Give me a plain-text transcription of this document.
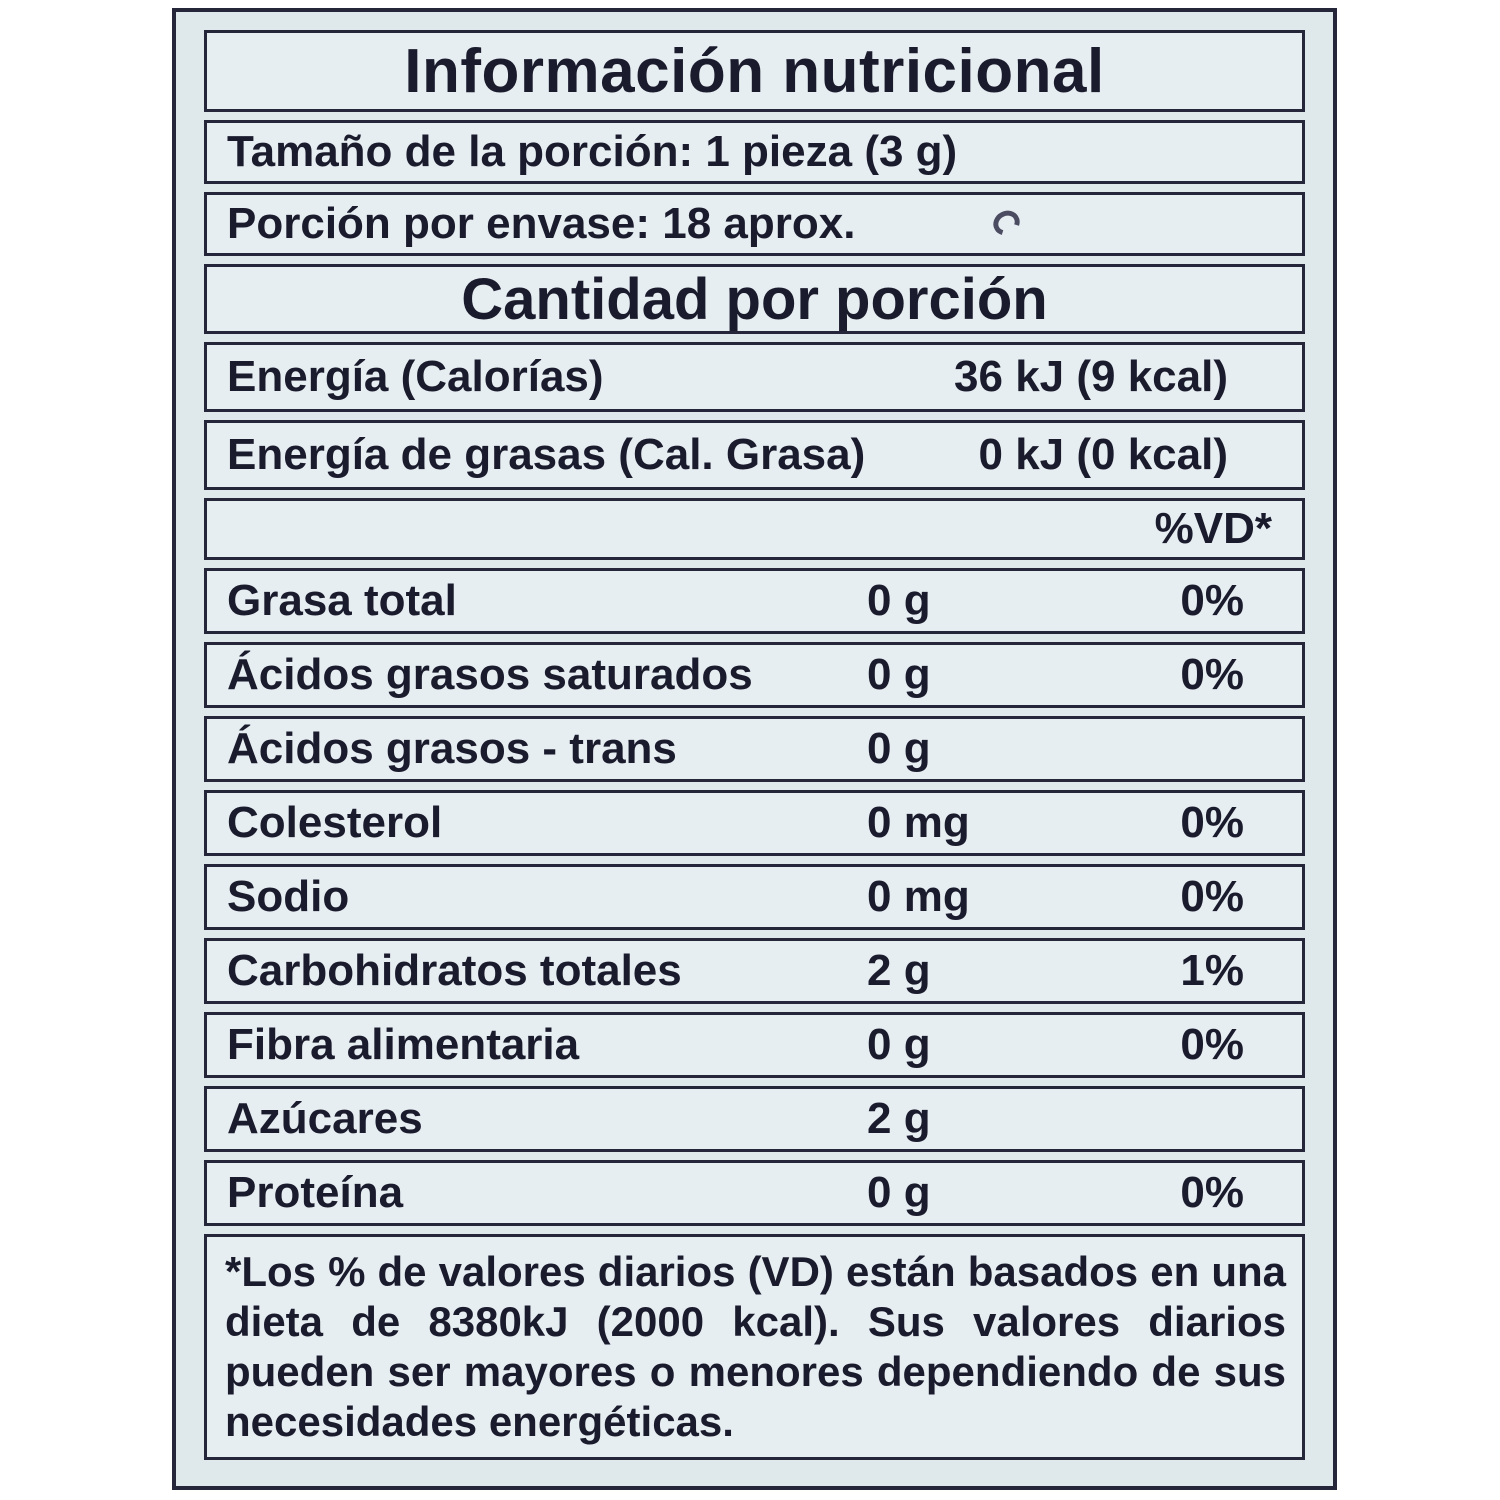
Información nutricional
Tamaño de la porción: 1 pieza (3 g)
Porción por envase: 18 aprox.
Cantidad por porción
Energía (Calorías)	36 kJ (9 kcal)
Energía de grasas (Cal. Grasa)	0 kJ (0 kcal)
%VD*
Grasa total	0 g	0%
Ácidos grasos saturados	0 g	0%
Ácidos grasos - trans	0 g
Colesterol	0 mg	0%
Sodio	0 mg	0%
Carbohidratos totales	2 g	1%
Fibra alimentaria	0 g	0%
Azúcares	2 g
Proteína	0 g	0%

*Los % de valores diarios (VD) están basados en una dieta de 8380kJ (2000 kcal). Sus valores diarios pueden ser mayores o menores dependiendo de sus necesidades energéticas.
